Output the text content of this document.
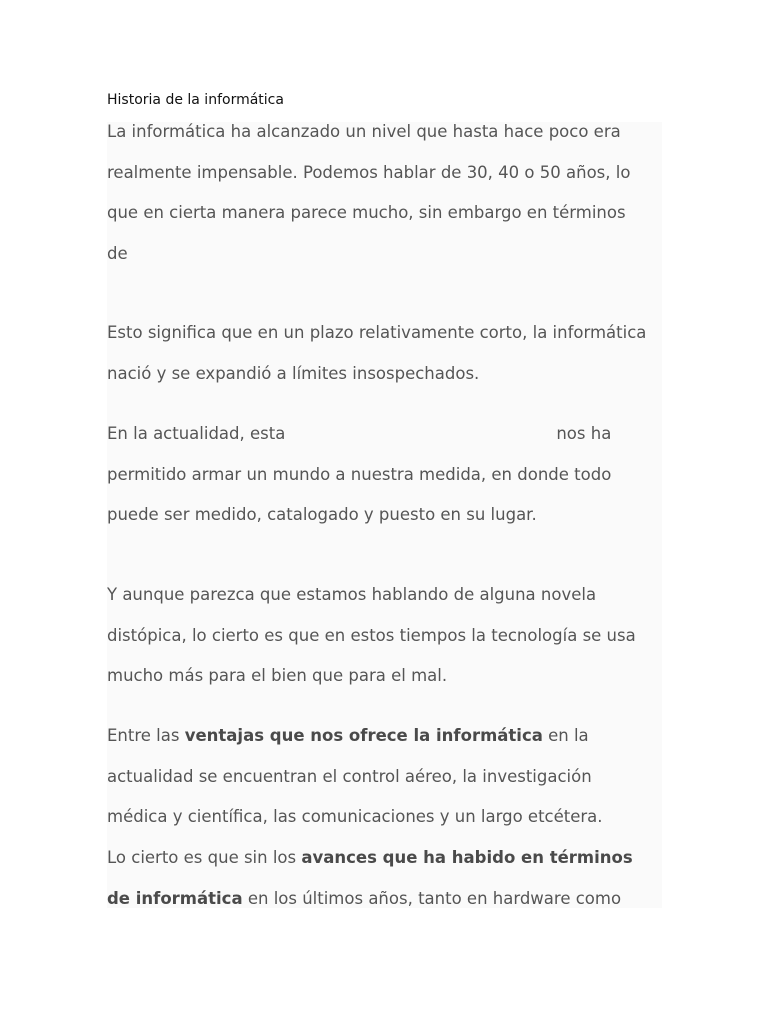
Historia de la informática

La informática ha alcanzado un nivel que hasta hace poco era
realmente impensable. Podemos hablar de 30, 40 o 50 años, lo
que en cierta manera parece mucho, sin embargo en términos
de

Esto significa que en un plazo relativamente corto, la informática
nació y se expandió a límites insospechados.

En la actualidad, esta	nos ha
permitido armar un mundo a nuestra medida, en donde todo
puede ser medido, catalogado y puesto en su lugar.

Y aunque parezca que estamos hablando de alguna novela
distópica, lo cierto es que en estos tiempos la tecnología se usa
mucho más para el bien que para el mal.

Entre las ventajas que nos ofrece la informática en la
actualidad se encuentran el control aéreo, la investigación
médica y científica, las comunicaciones y un largo etcétera.

Lo cierto es que sin los avances que ha habido en términos
de informática en los últimos años, tanto en hardware como
